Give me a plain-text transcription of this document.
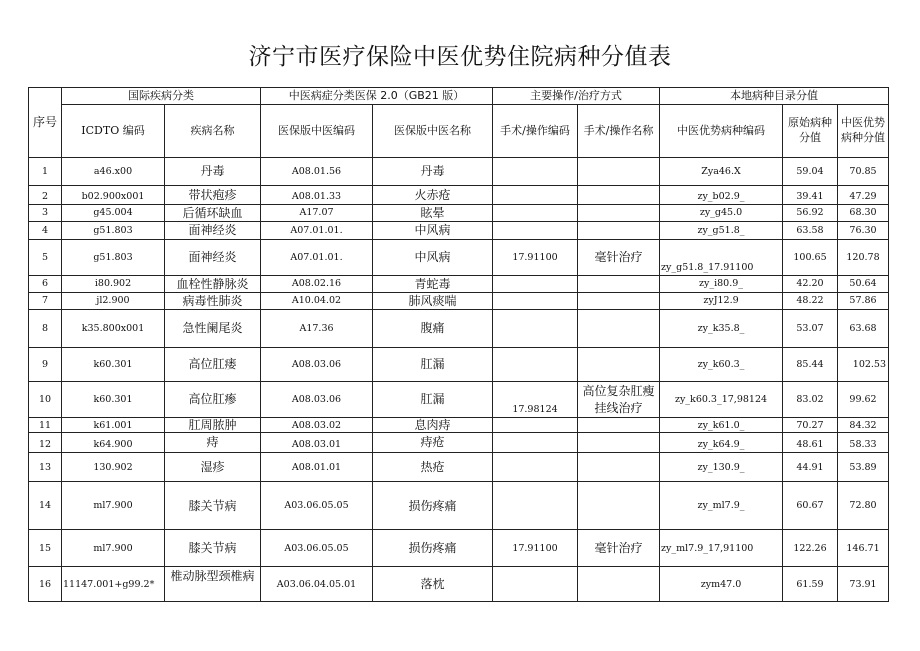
济宁市医疗保险中医优势住院病种分值表
序号	国际疾病分类		中医病症分类医保 2.0（GB21 版）		主要操作/治疗方式		本地病种目录分值		
	ICDTO 编码	疾病名称	医保版中医编码	医保版中医名称	手术/操作编码	手术/操作名称	中医优势病种编码	原始病种分值	中医优势病种分值
1	a46.x00	丹毒	A08.01.56	丹毒			Zya46.X	59.04	70.85
2	b02.900x001	带状疱疹	A08.01.33	火赤疮			zy_b02.9_	39.41	47.29
3	g45.004	后循环缺血	A17.07	眩晕			zy_g45.0	56.92	68.30
4	g51.803	面神经炎	A07.01.01.	中风病			zy_g51.8_	63.58	76.30
5	g51.803	面神经炎	A07.01.01.	中风病	17.91100	毫针治疗	zy_g51.8_17.91100	100.65	120.78
6	i80.902	血栓性静脉炎	A08.02.16	青蛇毒			zy_i80.9_	42.20	50.64
7	jl2.900	病毒性肺炎	A10.04.02	肺风痰喘			zyJ12.9	48.22	57.86
8	k35.800x001	急性阑尾炎	A17.36	腹痛			zy_k35.8_	53.07	63.68
9	k60.301	高位肛瘘	A08.03.06	肛漏			zy_k60.3_	85.44	102.53
10	k60.301	高位肛瘆	A08.03.06	肛漏	17.98124	高位复杂肛瘦挂线治疗	zy_k60.3_17,98124	83.02	99.62
11	k61.001	肛周脓肿	A08.03.02	息肉痔			zy_k61.0_	70.27	84.32
12	k64.900	痔	A08.03.01	痔疮			zy_k64.9_	48.61	58.33
13	130.902	湿疹	A08.01.01	热疮			zy_130.9_	44.91	53.89
14	ml7.900	膝关节病	A03.06.05.05	损伤疼痛			zy_ml7.9_	60.67	72.80
15	ml7.900	膝关节病	A03.06.05.05	损伤疼痛	17.91100	毫针治疗	zy_ml7.9_17,91100	122.26	146.71
16	11147.001+g99.2*	椎动脉型颈椎病	A03.06.04.05.01	落枕			zym47.0	61.59	73.91
